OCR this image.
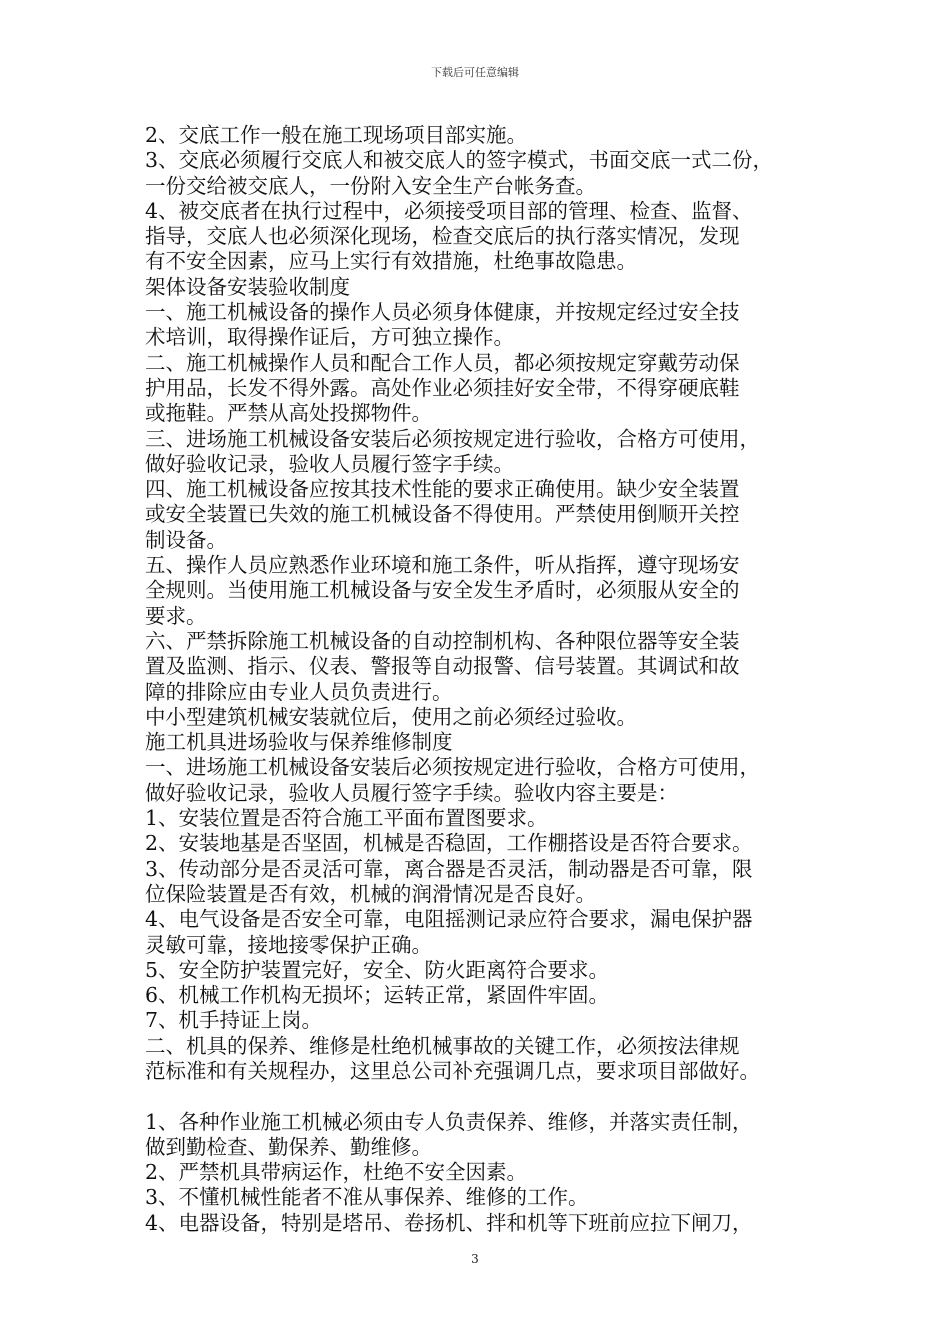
下载后可任意编辑
2、交底工作一般在施工现场项目部实施。
3、交底必须履行交底人和被交底人的签字模式，书面交底一式二份，
一份交给被交底人，一份附入安全生产台帐务查。
4、被交底者在执行过程中，必须接受项目部的管理、检查、监督、
指导，交底人也必须深化现场，检查交底后的执行落实情况，发现
有不安全因素，应马上实行有效措施，杜绝事故隐患。
架体设备安装验收制度
一、施工机械设备的操作人员必须身体健康，并按规定经过安全技
术培训，取得操作证后，方可独立操作。
二、施工机械操作人员和配合工作人员，都必须按规定穿戴劳动保
护用品，长发不得外露。高处作业必须挂好安全带，不得穿硬底鞋
或拖鞋。严禁从高处投掷物件。
三、进场施工机械设备安装后必须按规定进行验收，合格方可使用，
做好验收记录，验收人员履行签字手续。
四、施工机械设备应按其技术性能的要求正确使用。缺少安全装置
或安全装置已失效的施工机械设备不得使用。严禁使用倒顺开关控
制设备。
五、操作人员应熟悉作业环境和施工条件，听从指挥，遵守现场安
全规则。当使用施工机械设备与安全发生矛盾时，必须服从安全的
要求。
六、严禁拆除施工机械设备的自动控制机构、各种限位器等安全装
置及监测、指示、仪表、警报等自动报警、信号装置。其调试和故
障的排除应由专业人员负责进行。
中小型建筑机械安装就位后，使用之前必须经过验收。
施工机具进场验收与保养维修制度
一、进场施工机械设备安装后必须按规定进行验收，合格方可使用，
做好验收记录，验收人员履行签字手续。验收内容主要是：
1、安装位置是否符合施工平面布置图要求。
2、安装地基是否坚固，机械是否稳固，工作棚搭设是否符合要求。
3、传动部分是否灵活可靠，离合器是否灵活，制动器是否可靠，限
位保险装置是否有效，机械的润滑情况是否良好。
4、电气设备是否安全可靠，电阻摇测记录应符合要求，漏电保护器
灵敏可靠，接地接零保护正确。
5、安全防护装置完好，安全、防火距离符合要求。
6、机械工作机构无损坏；运转正常，紧固件牢固。
7、机手持证上岗。
二、机具的保养、维修是杜绝机械事故的关键工作，必须按法律规
范标准和有关规程办，这里总公司补充强调几点，要求项目部做好。
1、各种作业施工机械必须由专人负责保养、维修，并落实责任制，
做到勤检查、勤保养、勤维修。
2、严禁机具带病运作，杜绝不安全因素。
3、不懂机械性能者不准从事保养、维修的工作。
4、电器设备，特别是塔吊、卷扬机、拌和机等下班前应拉下闸刀，
3
